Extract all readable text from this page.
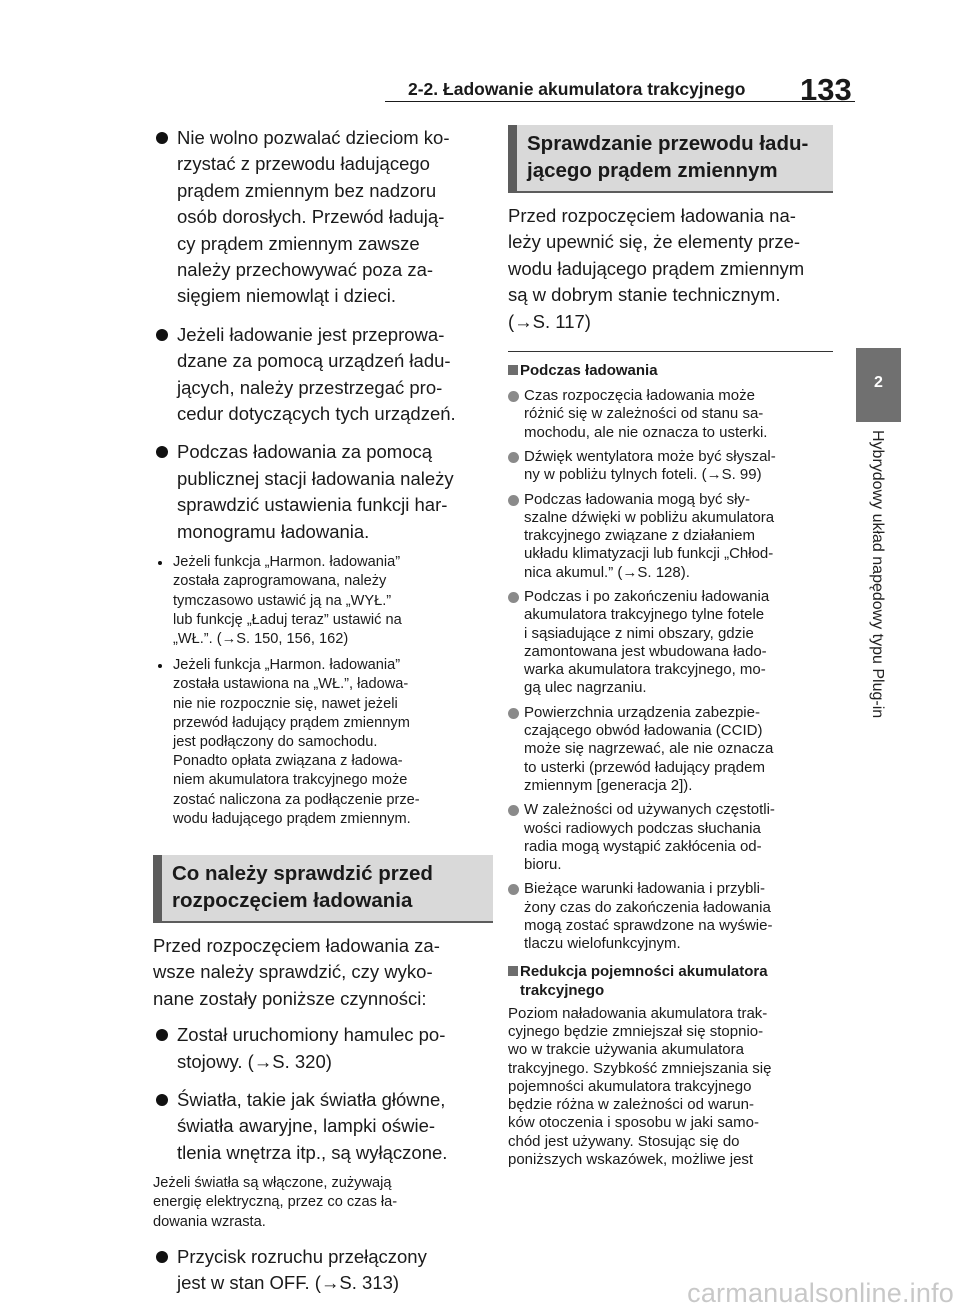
2-2. Ładowanie akumulatora trakcyjnego 133
2
Hybrydowy układ napędowy typu Plug-in

Nie wolno pozwalać dzieciom ko-

rzystać z przewodu ładującego

prądem zmiennym bez nadzoru

osób dorosłych. Przewód ładują-

cy prądem zmiennym zawsze

należy przechowywać poza za-

sięgiem niemowląt i dzieci.

Jeżeli ładowanie jest przeprowa-

dzane za pomocą urządzeń ładu-

jących, należy przestrzegać pro-

cedur dotyczących tych urządzeń.

Podczas ładowania za pomocą

publicznej stacji ładowania należy

sprawdzić ustawienia funkcji har-

monogramu ładowania.

Jeżeli funkcja „Harmon. ładowania”

została zaprogramowana, należy

tymczasowo ustawić ją na „WYŁ.”

lub funkcję „Ładuj teraz” ustawić na

„WŁ.”. (→S. 150, 156, 162)

Jeżeli funkcja „Harmon. ładowania”

została ustawiona na „WŁ.”, ładowa-

nie nie rozpocznie się, nawet jeżeli

przewód ładujący prądem zmiennym

jest podłączony do samochodu.

Ponadto opłata związana z ładowa-

niem akumulatora trakcyjnego może

zostać naliczona za podłączenie prze-

wodu ładującego prądem zmiennym.

Co należy sprawdzić przed

rozpoczęciem ładowania

Przed rozpoczęciem ładowania za-

wsze należy sprawdzić, czy wyko-

nane zostały poniższe czynności:

Został uruchomiony hamulec po-

stojowy. (→S. 320)

Światła, takie jak światła główne,

światła awaryjne, lampki oświe-

tlenia wnętrza itp., są wyłączone.

Jeżeli światła są włączone, zużywają

energię elektryczną, przez co czas ła-

dowania wzrasta.

Przycisk rozruchu przełączony

jest w stan OFF. (→S. 313)

Sprawdzanie przewodu ładu-

jącego prądem zmiennym

Przed rozpoczęciem ładowania na-

leży upewnić się, że elementy prze-

wodu ładującego prądem zmiennym

są w dobrym stanie technicznym.

(→S. 117)

Podczas ładowania

Czas rozpoczęcia ładowania może

różnić się w zależności od stanu sa-

mochodu, ale nie oznacza to usterki.

Dźwięk wentylatora może być słyszal-

ny w pobliżu tylnych foteli. (→S. 99)

Podczas ładowania mogą być sły-

szalne dźwięki w pobliżu akumulatora

trakcyjnego związane z działaniem

układu klimatyzacji lub funkcji „Chłod-

nica akumul.” (→S. 128).

Podczas i po zakończeniu ładowania

akumulatora trakcyjnego tylne fotele

i sąsiadujące z nimi obszary, gdzie

zamontowana jest wbudowana łado-

warka akumulatora trakcyjnego, mo-

gą ulec nagrzaniu.

Powierzchnia urządzenia zabezpie-

czającego obwód ładowania (CCID)

może się nagrzewać, ale nie oznacza

to usterki (przewód ładujący prądem

zmiennym [generacja 2]).

W zależności od używanych częstotli-

wości radiowych podczas słuchania

radia mogą wystąpić zakłócenia od-

bioru.

Bieżące warunki ładowania i przybli-

żony czas do zakończenia ładowania

mogą zostać sprawdzone na wyświe-

tlaczu wielofunkcyjnym.

Redukcja pojemności akumulatora

trakcyjnego

Poziom naładowania akumulatora trak-

cyjnego będzie zmniejszał się stopnio-

wo w trakcie używania akumulatora

trakcyjnego. Szybkość zmniejszania się

pojemności akumulatora trakcyjnego

będzie różna w zależności od warun-

ków otoczenia i sposobu w jaki samo-

chód jest używany. Stosując się do

poniższych wskazówek, możliwe jest

carmanualsonline.info
